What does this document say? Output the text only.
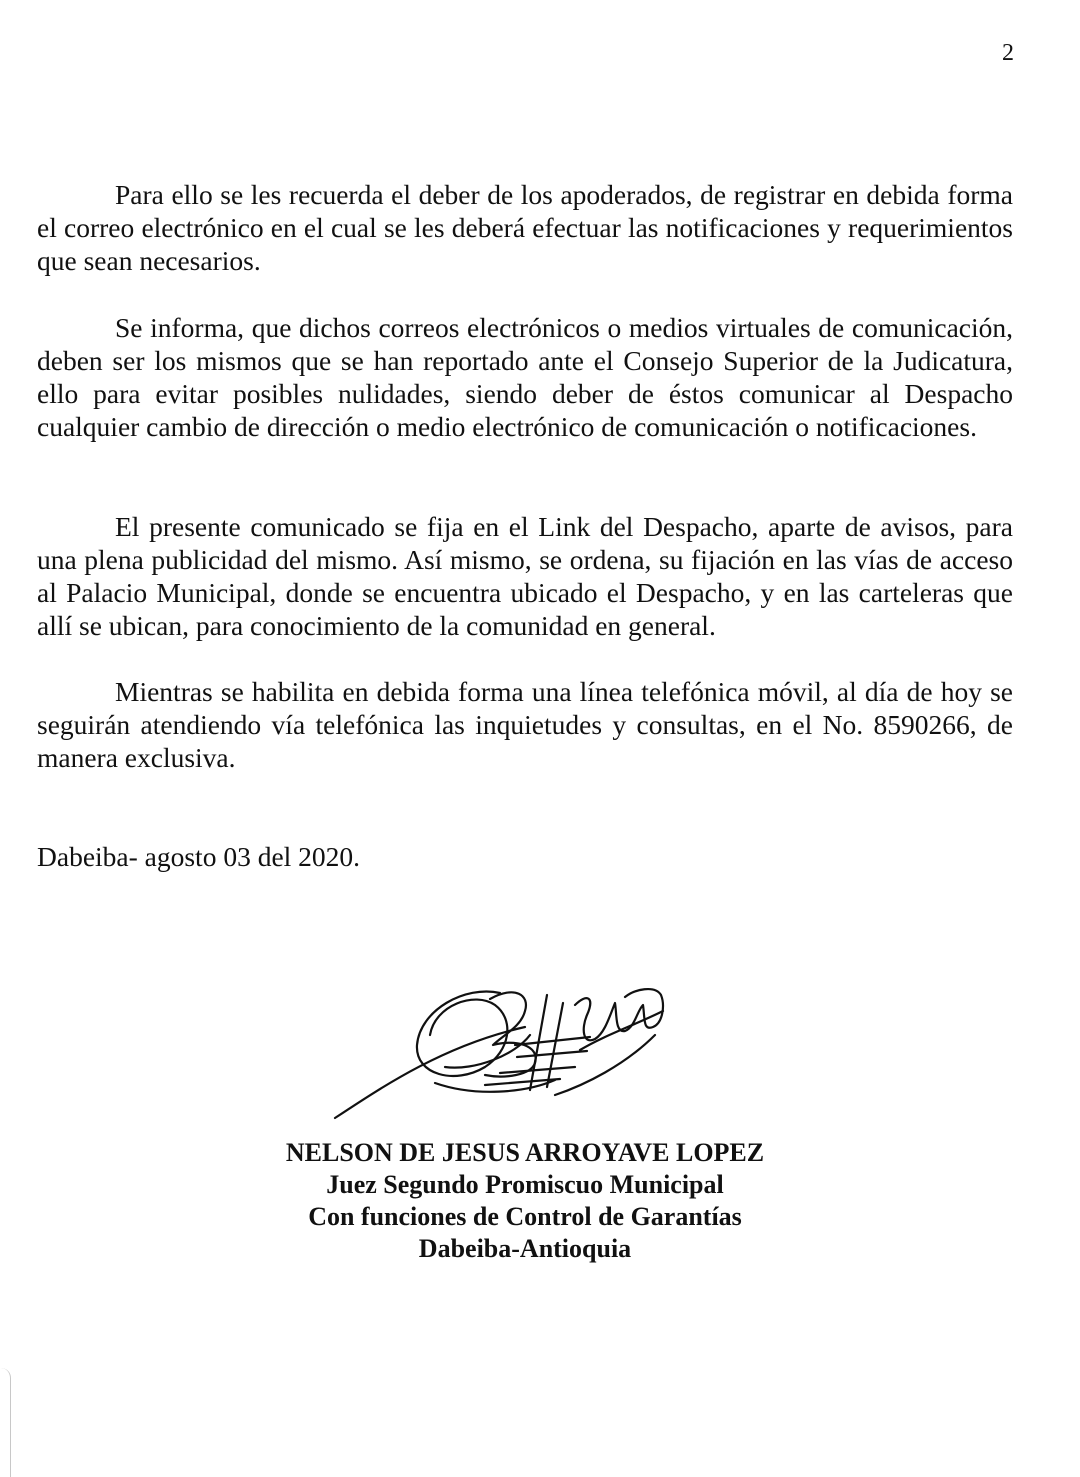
2

Para ello se les recuerda el deber de los apoderados, de registrar en debida forma el correo electrónico en el cual se les deberá efectuar las notificaciones y requerimientos que sean necesarios.

Se informa, que dichos correos electrónicos o medios virtuales de comunicación, deben ser los mismos que se han reportado ante el Consejo Superior de la Judicatura, ello para evitar posibles nulidades, siendo deber de éstos comunicar al Despacho cualquier cambio de dirección o medio electrónico de comunicación o notificaciones.

El presente comunicado se fija en el Link del Despacho, aparte de avisos, para una plena publicidad del mismo. Así mismo, se ordena, su fijación en las vías de acceso al Palacio Municipal, donde se encuentra ubicado el Despacho, y en las carteleras que allí se ubican, para conocimiento de la comunidad en general.

Mientras se habilita en debida forma una línea telefónica móvil, al día de hoy se seguirán atendiendo vía telefónica las inquietudes y consultas, en el No. 8590266, de manera exclusiva.

Dabeiba- agosto 03 del 2020.
NELSON DE JESUS ARROYAVE LOPEZ
Juez Segundo Promiscuo Municipal
Con funciones de Control de Garantías
Dabeiba-Antioquia
